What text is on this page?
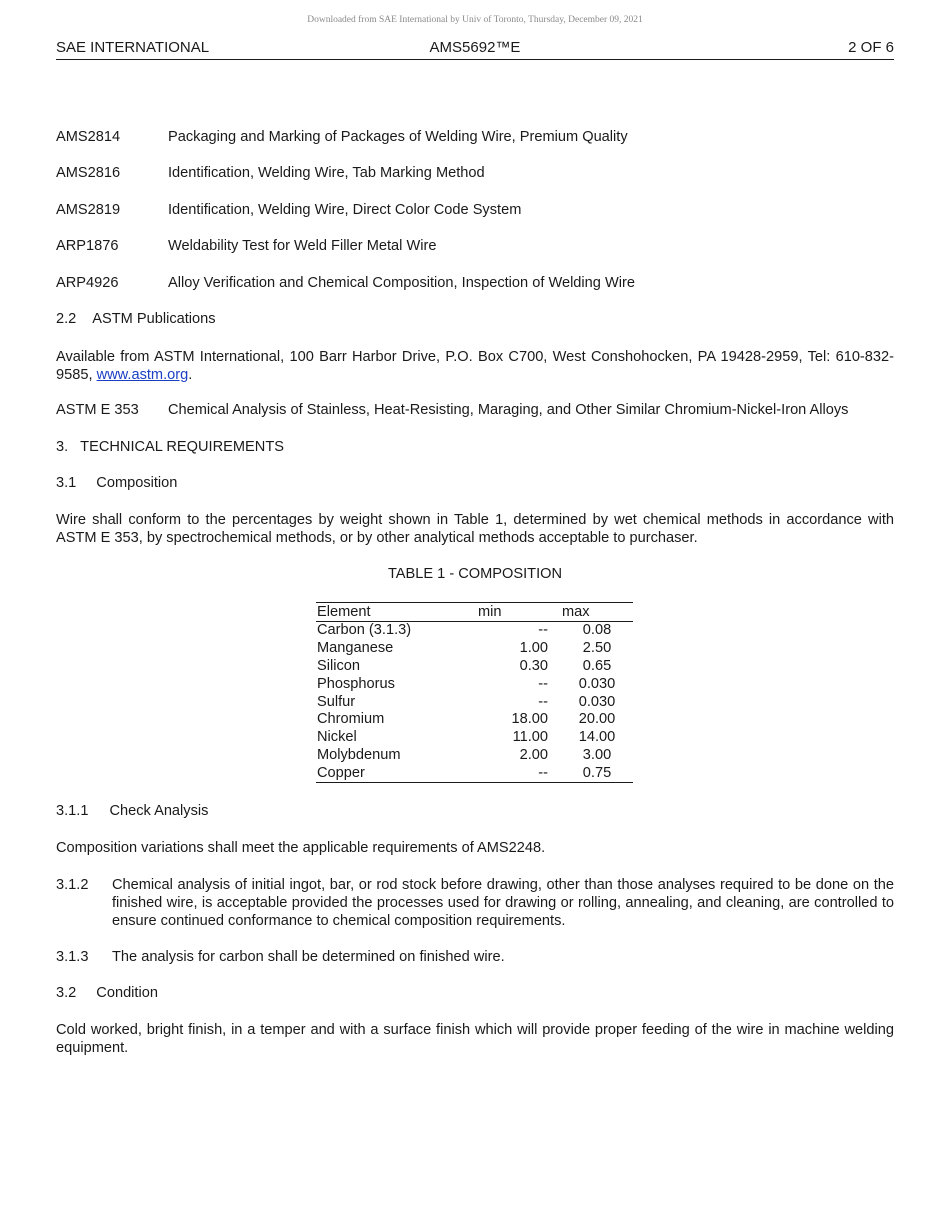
Downloaded from SAE International by Univ of Toronto, Thursday, December 09, 2021
SAE INTERNATIONAL	AMS5692™E	2 OF 6
AMS2814	Packaging and Marking of Packages of Welding Wire, Premium Quality
AMS2816	Identification, Welding Wire, Tab Marking Method
AMS2819	Identification, Welding Wire, Direct Color Code System
ARP1876	Weldability Test for Weld Filler Metal Wire
ARP4926	Alloy Verification and Chemical Composition, Inspection of Welding Wire
2.2 ASTM Publications
Available from ASTM International, 100 Barr Harbor Drive, P.O. Box C700, West Conshohocken, PA 19428-2959, Tel: 610-832-9585, www.astm.org.
ASTM E 353 Chemical Analysis of Stainless, Heat-Resisting, Maraging, and Other Similar Chromium-Nickel-Iron Alloys
3. TECHNICAL REQUIREMENTS
3.1 Composition
Wire shall conform to the percentages by weight shown in Table 1, determined by wet chemical methods in accordance with ASTM E 353, by spectrochemical methods, or by other analytical methods acceptable to purchaser.
TABLE 1 - COMPOSITION
Element	min	max
Carbon (3.1.3)	--	0.08
Manganese	1.00	2.50
Silicon	0.30	0.65
Phosphorus	--	0.030
Sulfur	--	0.030
Chromium	18.00	20.00
Nickel	11.00	14.00
Molybdenum	2.00	3.00
Copper	--	0.75
3.1.1 Check Analysis
Composition variations shall meet the applicable requirements of AMS2248.
3.1.2 Chemical analysis of initial ingot, bar, or rod stock before drawing, other than those analyses required to be done on the finished wire, is acceptable provided the processes used for drawing or rolling, annealing, and cleaning, are controlled to ensure continued conformance to chemical composition requirements.
3.1.3 The analysis for carbon shall be determined on finished wire.
3.2 Condition
Cold worked, bright finish, in a temper and with a surface finish which will provide proper feeding of the wire in machine welding equipment.
